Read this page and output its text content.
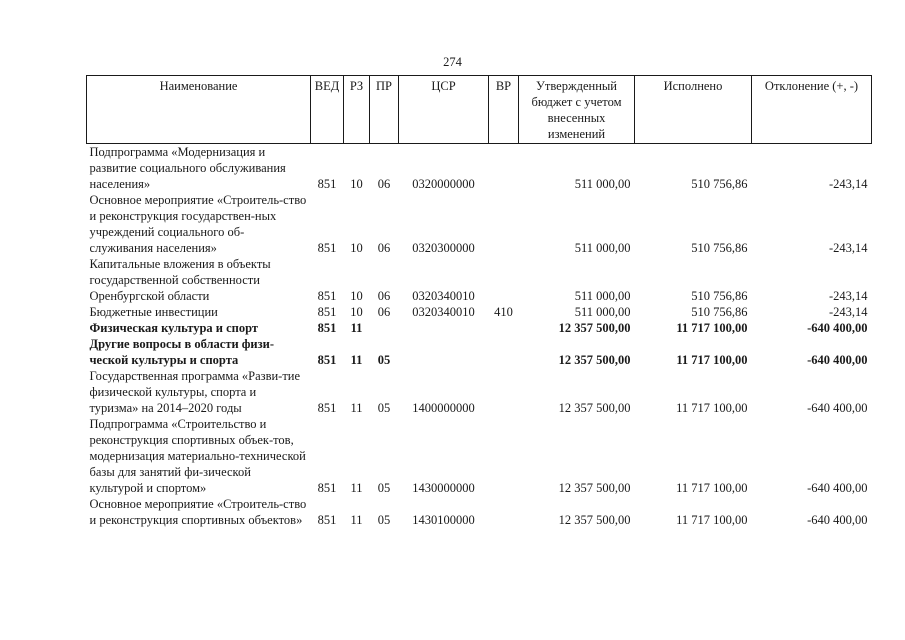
274
Наименование	ВЕД	РЗ	ПР	ЦСР	ВР	Утвержденный бюджет с учетом внесенных изменений	Исполнено	Отклонение (+, -)
Подпрограмма «Модернизация и развитие социального обслуживания населения»	851	10	06	0320000000		511 000,00	510 756,86	-243,14
Основное мероприятие «Строитель-ство и реконструкция государствен-ных учреждений социального об-служивания населения»	851	10	06	0320300000		511 000,00	510 756,86	-243,14
Капитальные вложения в объекты государственной собственности Оренбургской области	851	10	06	0320340010		511 000,00	510 756,86	-243,14
Бюджетные инвестиции	851	10	06	0320340010	410	511 000,00	510 756,86	-243,14
Физическая культура и спорт	851	11				12 357 500,00	11 717 100,00	-640 400,00
Другие вопросы в области физи-ческой культуры и спорта	851	11	05			12 357 500,00	11 717 100,00	-640 400,00
Государственная программа «Разви-тие физической культуры, спорта и туризма» на 2014–2020 годы	851	11	05	1400000000		12 357 500,00	11 717 100,00	-640 400,00
Подпрограмма «Строительство и реконструкция спортивных объек-тов, модернизация материально-технической базы для занятий фи-зической культурой и спортом»	851	11	05	1430000000		12 357 500,00	11 717 100,00	-640 400,00
Основное мероприятие «Строитель-ство и реконструкция спортивных объектов»	851	11	05	1430100000		12 357 500,00	11 717 100,00	-640 400,00
